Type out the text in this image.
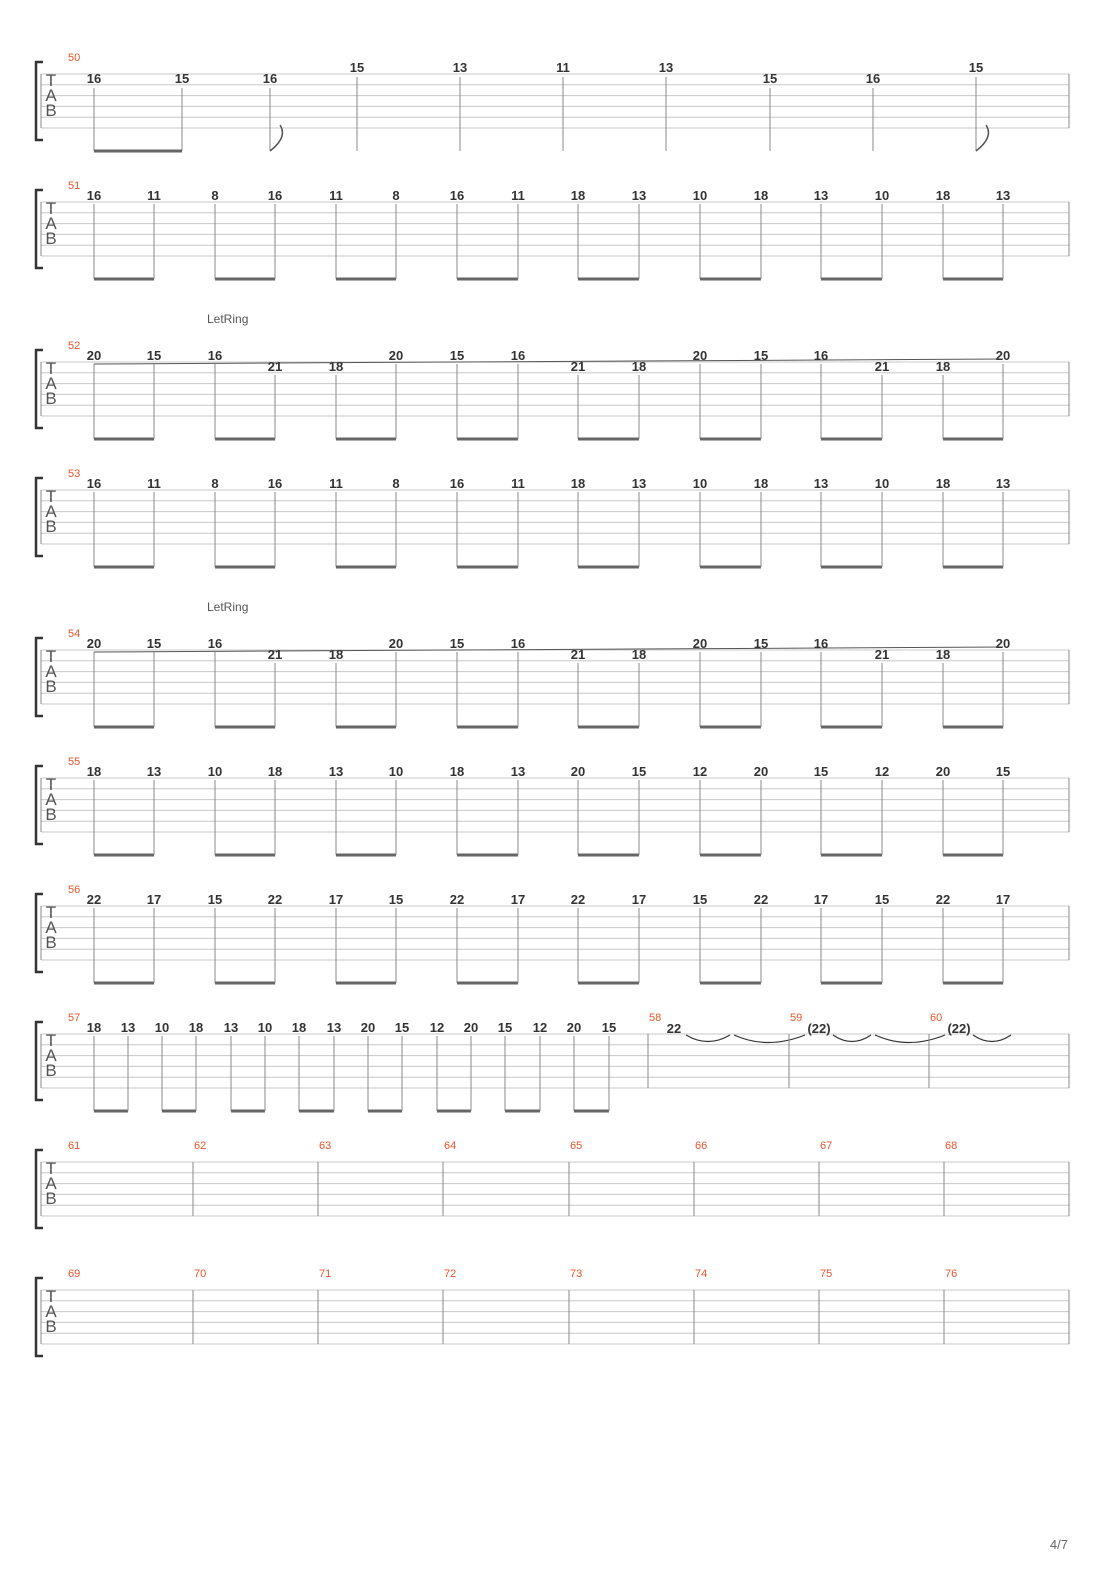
T
A
B
50
16	15	16
15	13	11	13
15	16
15
T
A
B
51
16	11	8	16	11	8	16	11	18	13	10	18	13	10	18	13
T
A
B
LetRing
52
20	15	16
21	18
20	15	16
21	18
20	15	16
21	18
20
T
A
B
53
16	11	8	16	11	8	16	11	18	13	10	18	13	10	18	13
T
A
B
LetRing
54
20	15	16
21	18
20	15	16
21	18
20	15	16
21	18
20
T
A
B
55
18	13	10	18	13	10	18	13	20	15	12	20	15	12	20	15
T
A
B
56
22	17	15	22	17	15	22	17	22	17	15	22	17	15	22	17
T
A
B
57
18 13 10 18 13 10 18 13 20 15 12 20 15 12 20 15
58
22
59
(22)
60
(22)
T
A
B
61	62	63	64	65	66	67	68
T
A
B
69	70	71	72	73	74	75	76
4/7
